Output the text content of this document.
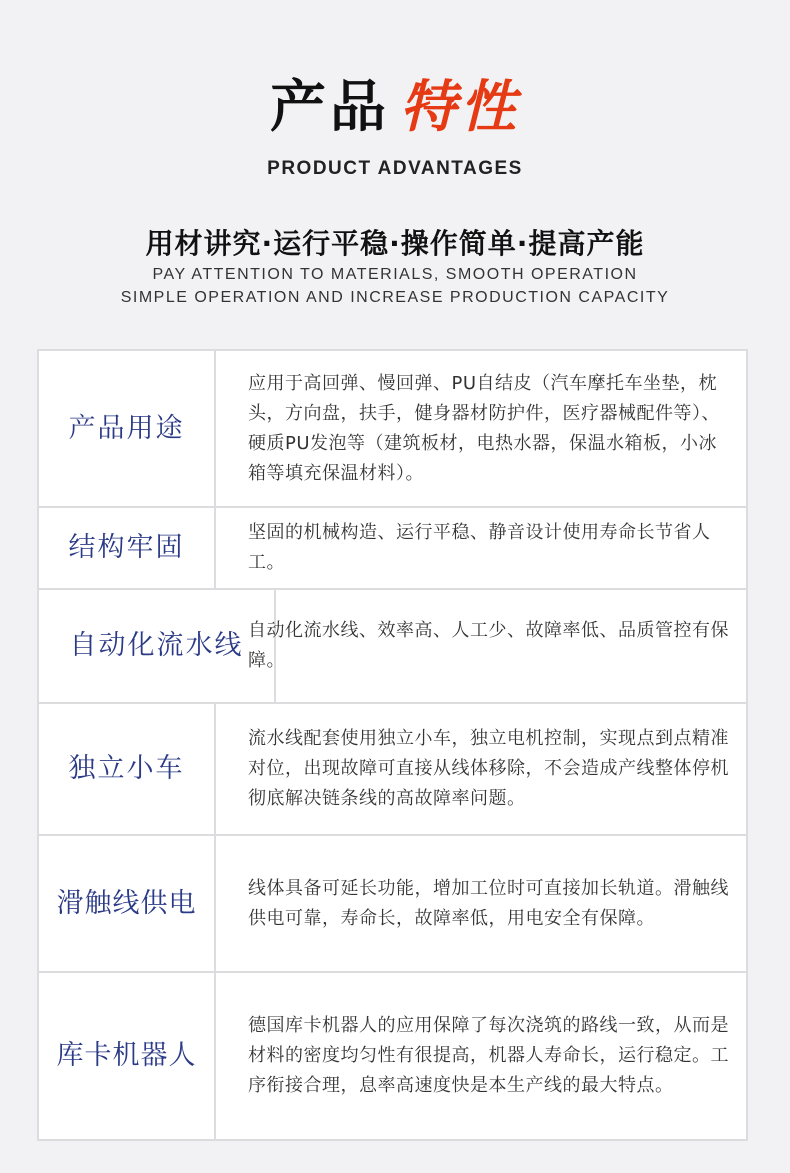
产品 特性
PRODUCT ADVANTAGES
用材讲究·运行平稳·操作简单·提高产能
PAY ATTENTION TO MATERIALS, SMOOTH OPERATION
SIMPLE OPERATION AND INCREASE PRODUCTION CAPACITY
产品用途
应用于高回弹、慢回弹、PU自结皮（汽车摩托车坐垫，枕头，方向盘，扶手，健身器材防护件，医疗器械配件等）、硬质PU发泡等（建筑板材，电热水器，保温水箱板，小冰箱等填充保温材料）。
结构牢固	坚固的机械构造、运行平稳、静音设计使用寿命长节省人工。
自动化流水线 自动化流水线、效率高、人工少、故障率低、品质管控有保障。
独立小车
流水线配套使用独立小车，独立电机控制，实现点到点精准对位，出现故障可直接从线体移除，不会造成产线整体停机彻底解决链条线的高故障率问题。
滑触线供电	线体具备可延长功能，增加工位时可直接加长轨道。滑触线供电可靠，寿命长，故障率低，用电安全有保障。
库卡机器人
德国库卡机器人的应用保障了每次浇筑的路线一致，从而是材料的密度均匀性有很提高，机器人寿命长，运行稳定。工序衔接合理，息率高速度快是本生产线的最大特点。
